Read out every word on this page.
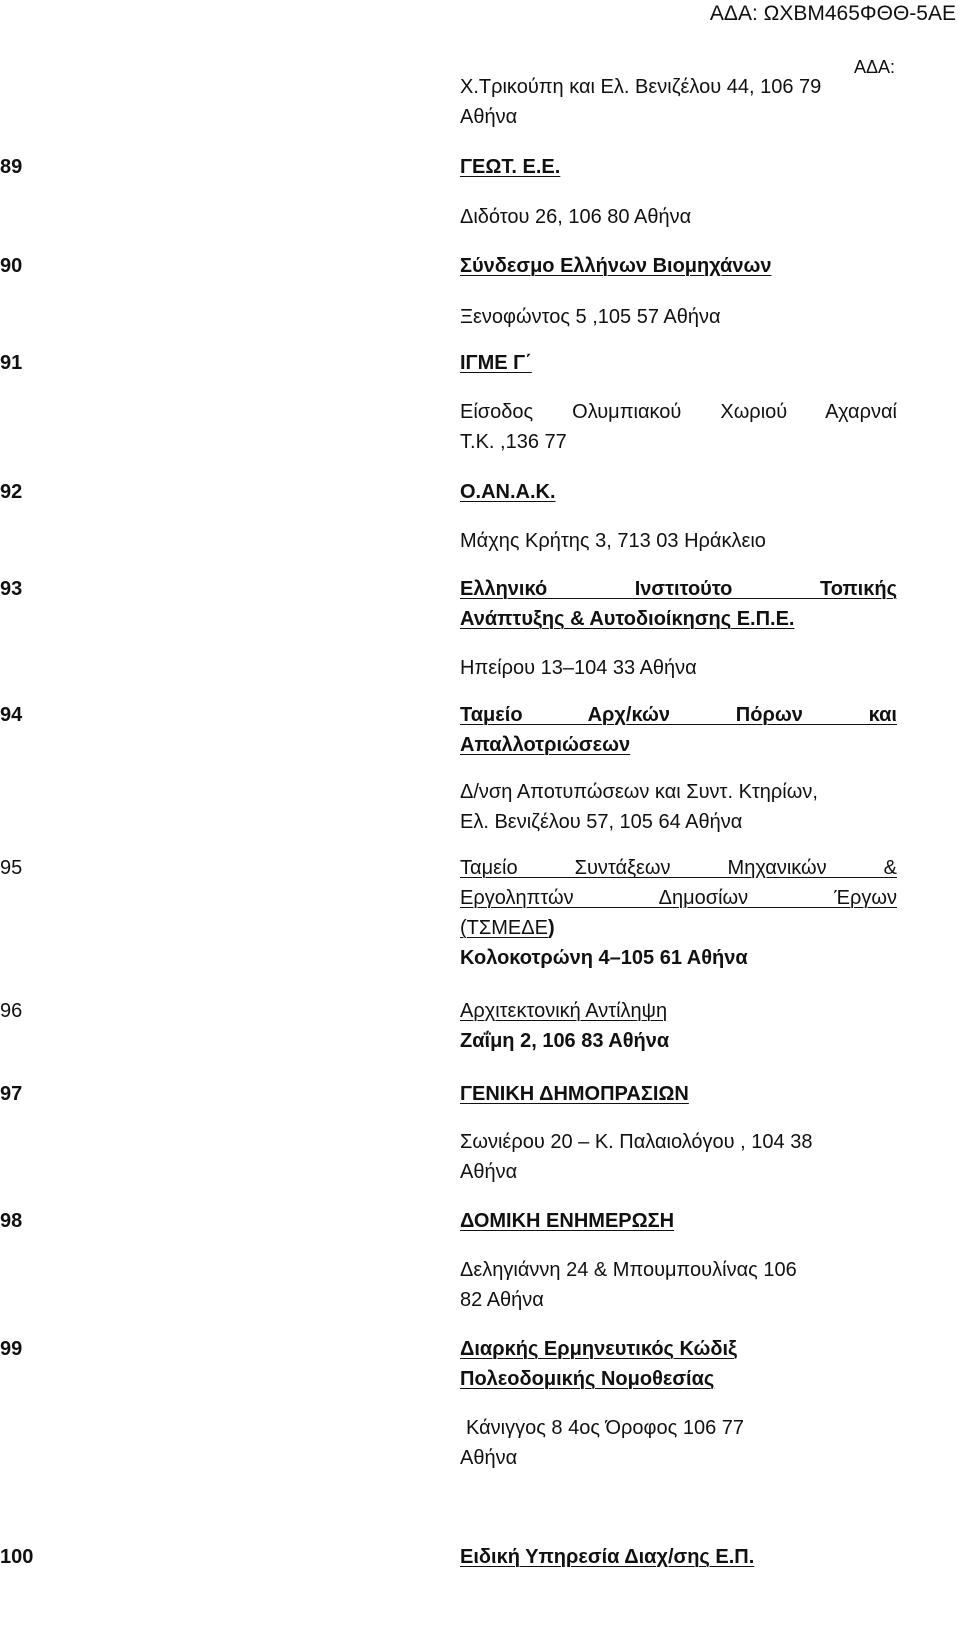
ΑΔΑ: ΩΧΒΜ465ΦΘΘ-5ΑΕ
ΑΔΑ:
Χ.Τρικούπη και Ελ. Βενιζέλου 44, 106 79
Αθήνα
89	ΓΕΩΤ. Ε.Ε.
Διδότου 26, 106 80 Αθήνα
90	Σύνδεσμο Ελλήνων Βιομηχάνων
Ξενοφώντος 5 ,105 57 Αθήνα
91	ΙΓΜΕ Γ΄
Είσοδος Ολυμπιακού Χωριού Αχαρναί
Τ.Κ. ,136 77
92	Ο.ΑΝ.Α.Κ.
Μάχης Κρήτης 3, 713 03 Ηράκλειο
93	Ελληνικό Ινστιτούτο Τοπικής
Ανάπτυξης & Αυτοδιοίκησης Ε.Π.Ε.
Ηπείρου 13–104 33 Αθήνα
94	Ταμείο Αρχ/κών Πόρων και
Απαλλοτριώσεων
Δ/νση Αποτυπώσεων και Συντ. Κτηρίων,
Ελ. Βενιζέλου 57, 105 64 Αθήνα
95	Ταμείο Συντάξεων Μηχανικών &
Εργοληπτών Δημοσίων Έργων
(ΤΣΜΕΔΕ)
Κολοκοτρώνη 4–105 61 Αθήνα
96	Αρχιτεκτονική Αντίληψη
Ζαΐμη 2, 106 83 Αθήνα
97	ΓΕΝΙΚΗ ΔΗΜΟΠΡΑΣΙΩΝ
Σωνιέρου 20 – Κ. Παλαιολόγου , 104 38
Αθήνα
98	ΔΟΜΙΚΗ ΕΝΗΜΕΡΩΣΗ
Δεληγιάννη 24 & Μπουμπουλίνας 106
82 Αθήνα
99	Διαρκής Ερμηνευτικός Κώδιξ
Πολεοδομικής Νομοθεσίας
Κάνιγγος 8 4ος Όροφος 106 77
Αθήνα
100	Ειδική Υπηρεσία Διαχ/σης Ε.Π.
